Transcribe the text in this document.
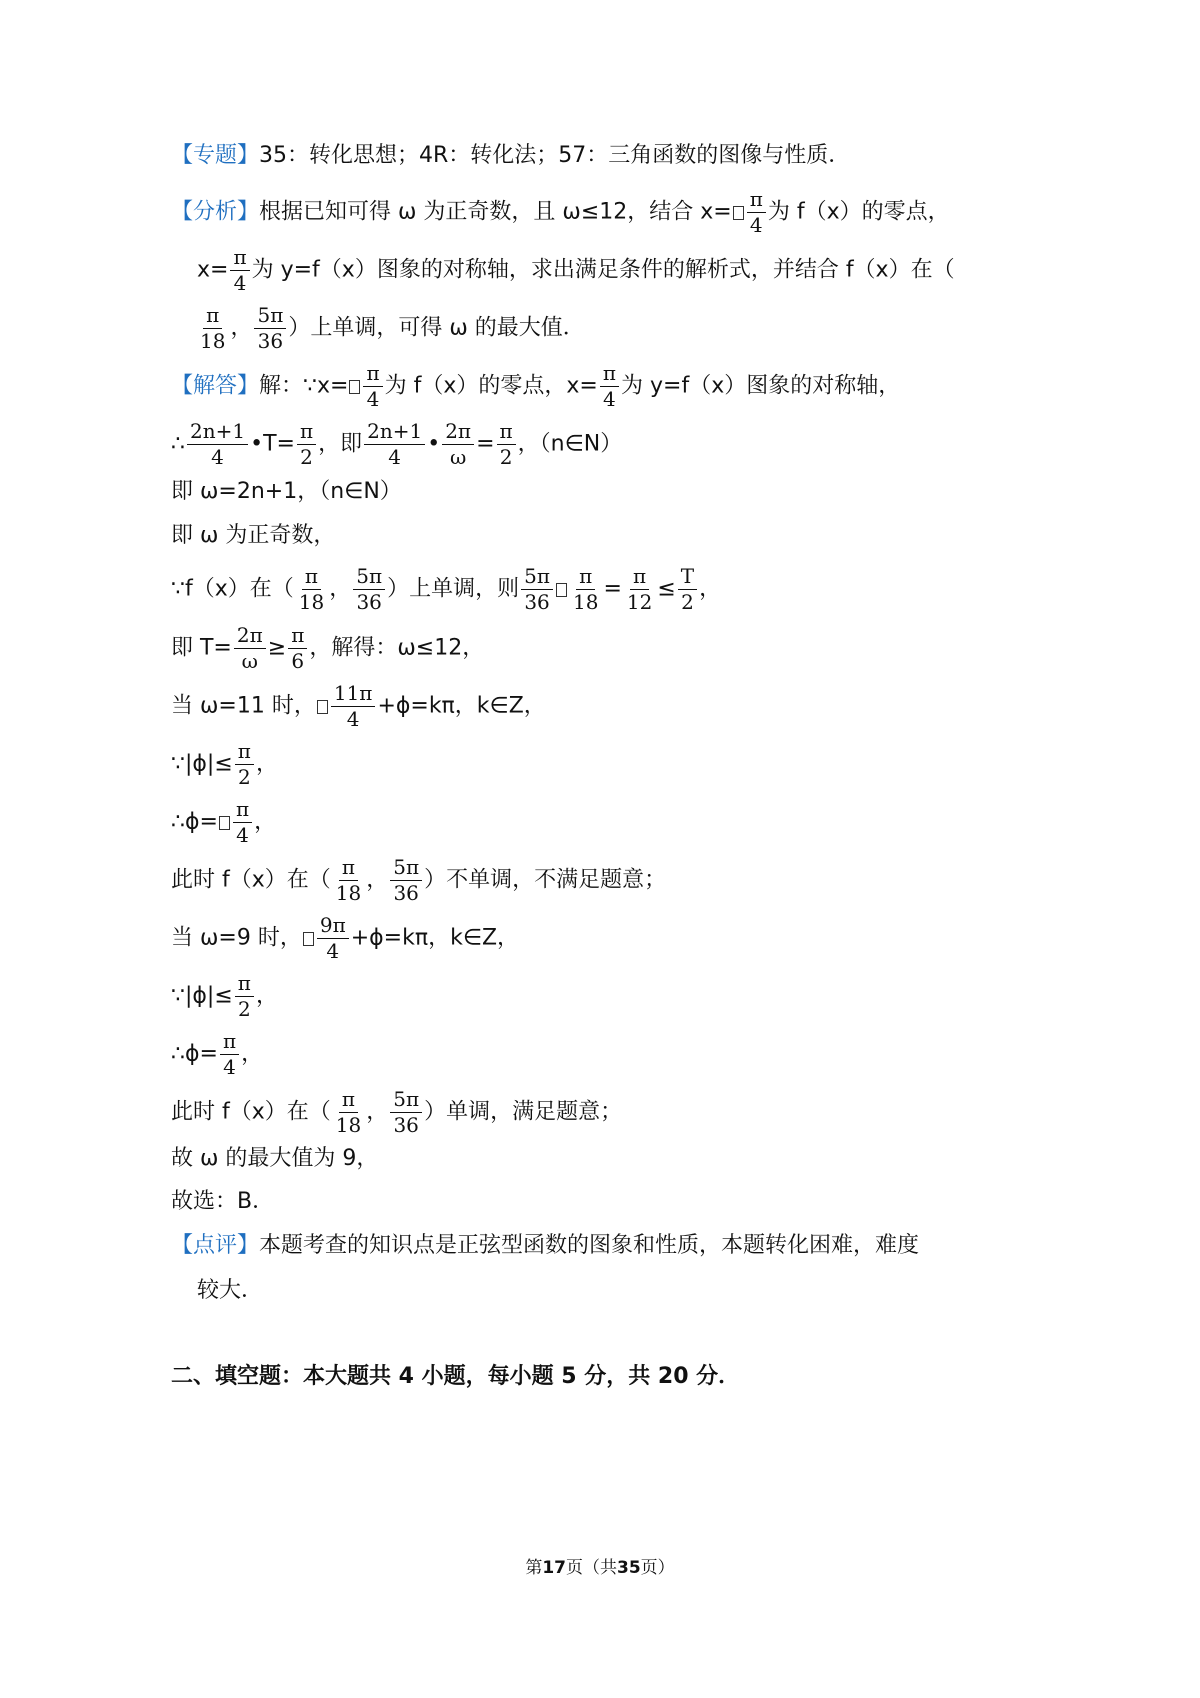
【专题】35：转化思想；4R：转化法；57：三角函数的图像与性质．
【分析】根据已知可得 ω 为正奇数，且 ω≤12，结合 $x= \frac{\pi}{4}$ 为 f（x）的零点，
$x= \frac{\pi}{4}$ 为 y=f（x）图象的对称轴，求出满足条件的解析式，并结合 f（x）在（
$\frac{\pi}{18}$ ， $\frac{5\pi}{36}$ ）上单调，可得 ω 的最大值．
【解答】解：∵x= $\frac{\pi}{4}$ 为 f（x）的零点，$x= \frac{\pi}{4}$ 为 y=f（x）图象的对称轴，
∴ $\frac{2n+1}{4}$ •T= $\frac{\pi}{2}$ ，即 $\frac{2n+1}{4}$ • $\frac{2\pi}{\omega} = \frac{\pi}{2}$ ，（n∈N）
即 ω=2n+1，（n∈N）
即 ω 为正奇数，
∵f（x）在（ $\frac{\pi}{18}$ ， $\frac{5\pi}{36}$ ）上单调，则 $\frac{5\pi}{36} \frac{\pi}{18} = \frac{\pi}{12} \le \frac{T}{2}$ ，
即 $T= \frac{2\pi}{\omega} \ge \frac{\pi}{6}$ ，解得：ω≤12，
当 ω=11 时， $\frac{11\pi}{4} +\phi=k\pi$，k∈Z，
∵|ϕ|≤ $\frac{\pi}{2}$ ，
∴ϕ= $\frac{\pi}{4}$ ，
此时 f（x）在（ $\frac{\pi}{18}$ ， $\frac{5\pi}{36}$ ）不单调，不满足题意；
当 ω=9 时， $\frac{9\pi}{4} +\phi=k\pi$，k∈Z，
∵|ϕ|≤ $\frac{\pi}{2}$ ，
∴ϕ= $\frac{\pi}{4}$ ，
此时 f（x）在（ $\frac{\pi}{18}$ ， $\frac{5\pi}{36}$ ）单调，满足题意；
故 ω 的最大值为 9，
故选：B．
【点评】本题考查的知识点是正弦型函数的图象和性质，本题转化困难，难度
较大．
二、填空题：本大题共 4 小题，每小题 5 分，共 20 分．
第17页（共35页）
